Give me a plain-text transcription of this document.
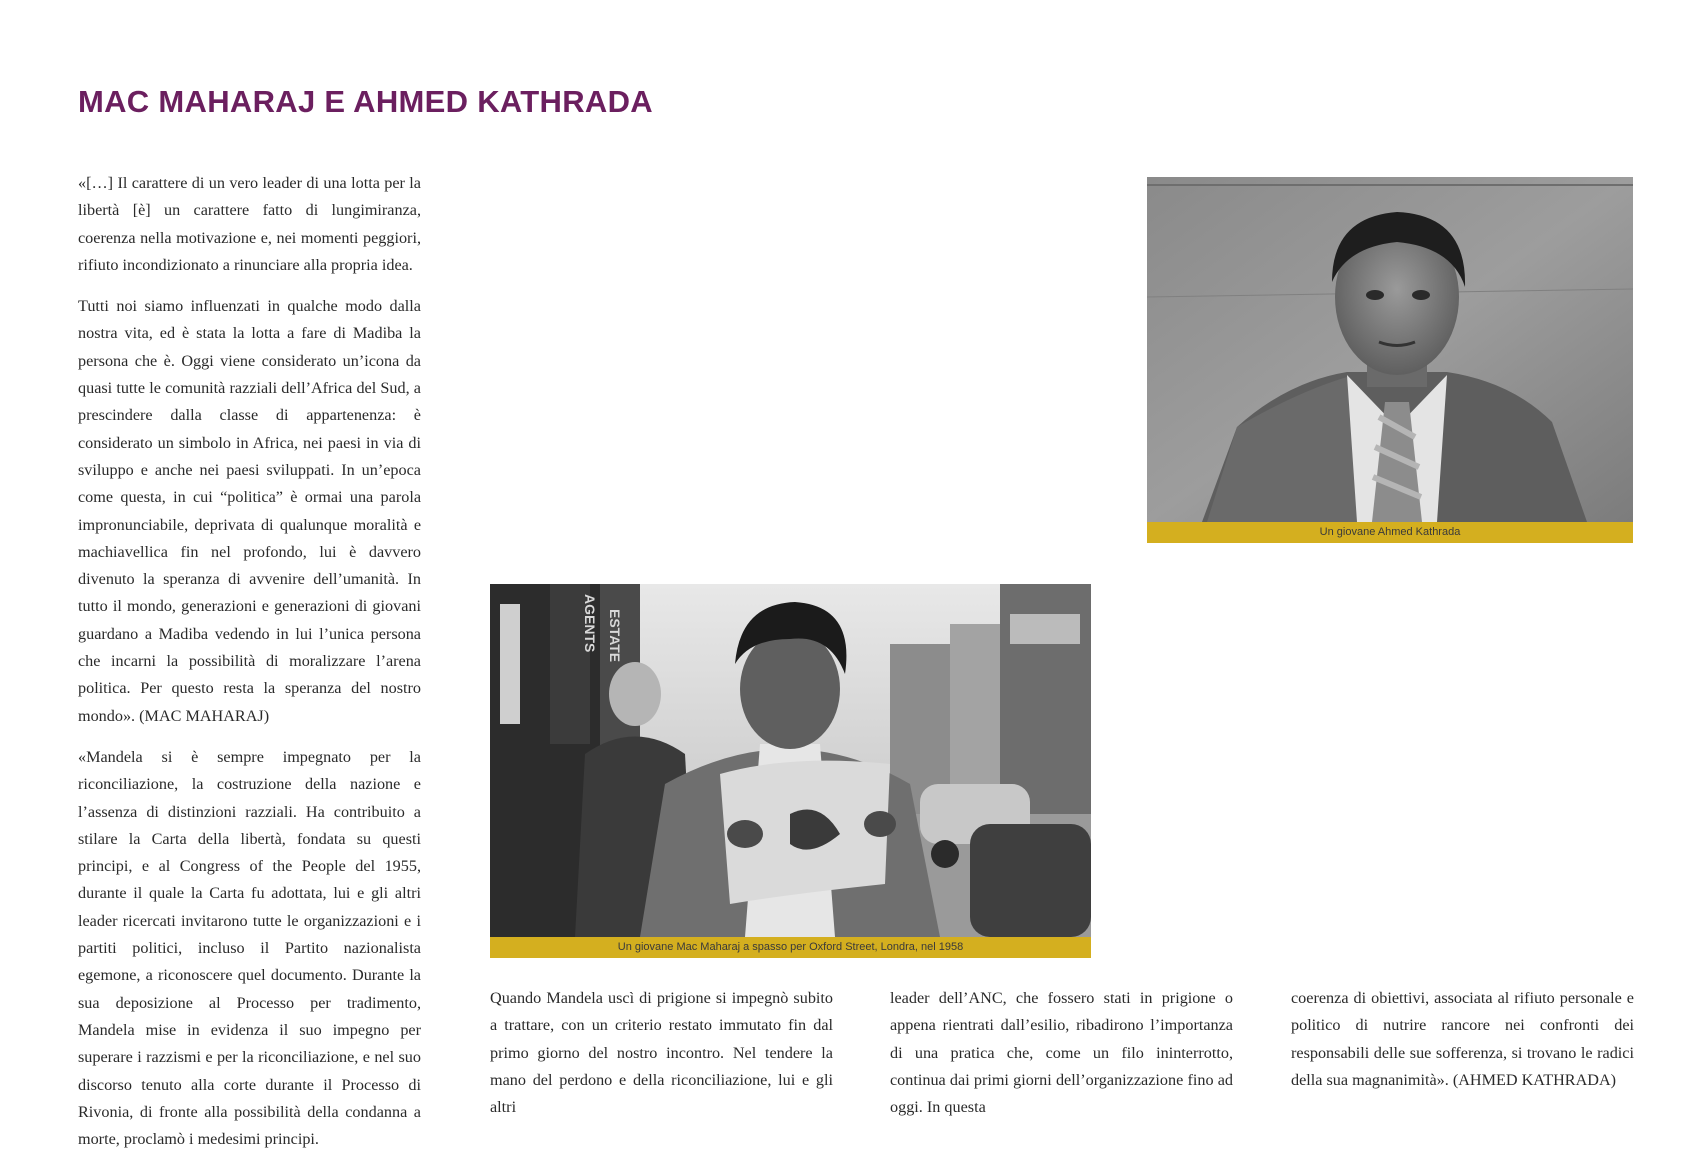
MAC MAHARAJ E AHMED KATHRADA

«[…] Il carattere di un vero leader di una lotta per la libertà [è] un carattere fatto di lungimiranza, coerenza nella motivazione e, nei momenti peggiori, rifiuto incondizionato a rinunciare alla propria idea.

Tutti noi siamo influenzati in qualche modo dalla nostra vita, ed è stata la lotta a fare di Madiba la persona che è. Oggi viene considerato un’icona da quasi tutte le comunità razziali dell’Africa del Sud, a prescindere dalla classe di appartenenza: è considerato un simbolo in Africa, nei paesi in via di sviluppo e anche nei paesi sviluppati. In un’epoca come questa, in cui “politica” è ormai una parola impronunciabile, deprivata di qualunque moralità e machiavellica fin nel profondo, lui è davvero divenuto la speranza di avvenire dell’umanità. In tutto il mondo, generazioni e generazioni di giovani guardano a Madiba vedendo in lui l’unica persona che incarni la possibilità di moralizzare l’arena politica. Per questo resta la speranza del nostro mondo». (MAC MAHARAJ)

«Mandela si è sempre impegnato per la riconciliazione, la costruzione della nazione e l’assenza di distinzioni razziali. Ha contribuito a stilare la Carta della libertà, fondata su questi principi, e al Congress of the People del 1955, durante il quale la Carta fu adottata, lui e gli altri leader ricercati invitarono tutte le organizzazioni e i partiti politici, incluso il Partito nazionalista egemone, a riconoscere quel documento. Durante la sua deposizione al Processo per tradimento, Mandela mise in evidenza il suo impegno per superare i razzismi e per la riconciliazione, e nel suo discorso tenuto alla corte durante il Processo di Rivonia, di fronte alla possibilità della condanna a morte, proclamò i medesimi principi.

Un giovane Ahmed Kathrada
ESTATE
AGENTS
Un giovane Mac Maharaj a spasso per Oxford Street, Londra, nel 1958

Quando Mandela uscì di prigione si impegnò subito a trattare, con un criterio restato immutato fin dal primo giorno del nostro incontro. Nel tendere la mano del perdono e della riconciliazione, lui e gli altri

leader dell’ANC, che fossero stati in prigione o appena rientrati dall’esilio, ribadirono l’importanza di una pratica che, come un filo ininterrotto, continua dai primi giorni dell’organizzazione fino ad oggi. In questa

coerenza di obiettivi, associata al rifiuto personale e politico di nutrire rancore nei confronti dei responsabili delle sue sofferenza, si trovano le radici della sua magnanimità». (AHMED KATHRADA)
